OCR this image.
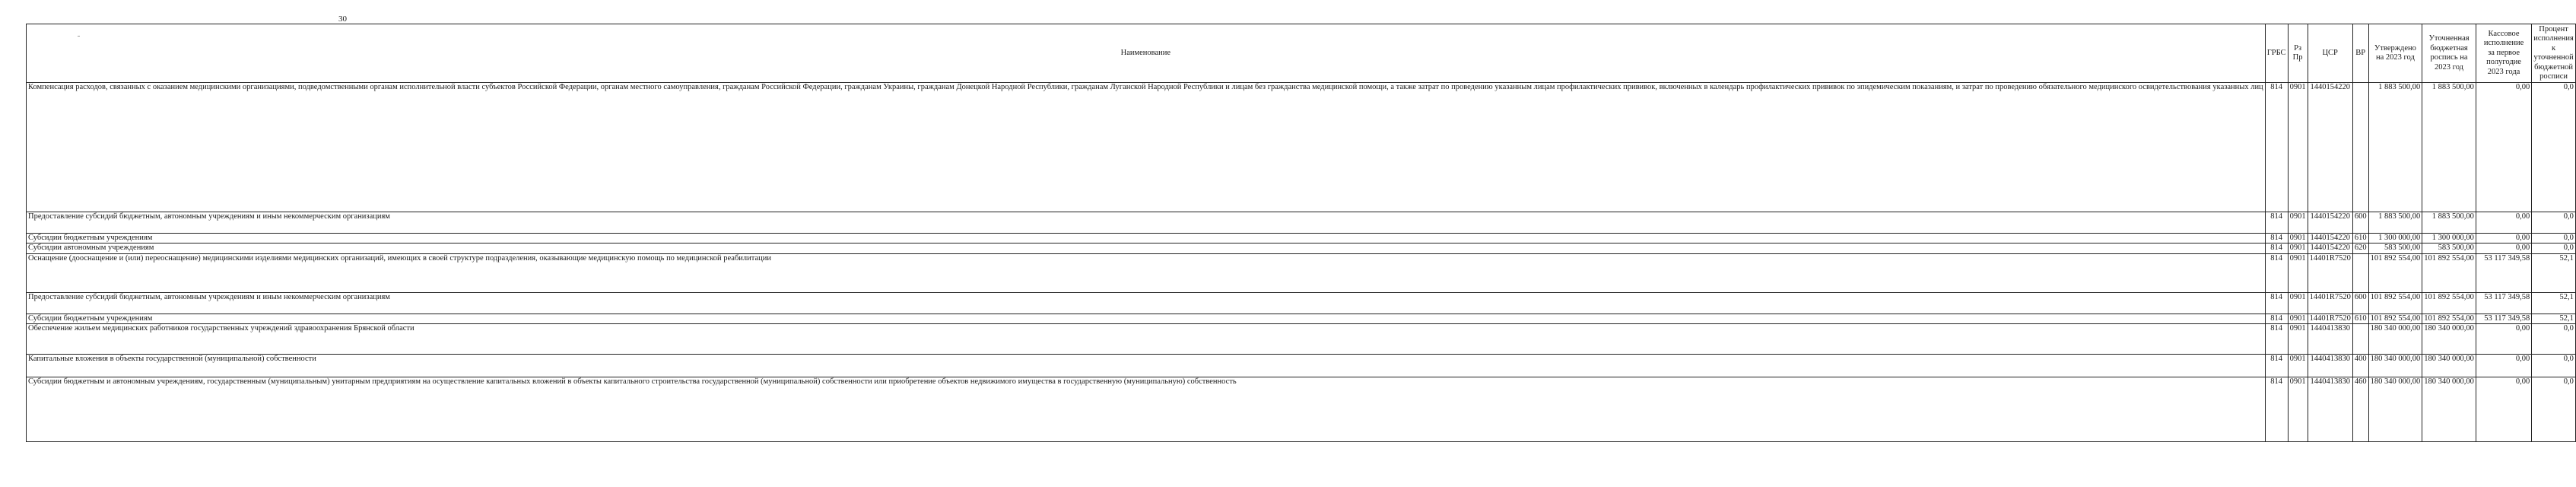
30
Наименование	ГРБС	Рз Пр	ЦСР	ВР	Утверждено на 2023 год	Уточненная бюджетная роспись на 2023 год	Кассовое исполнение за первое полугодие 2023 года	Процент исполнения к уточненной бюджетной росписи
Компенсация расходов, связанных с оказанием медицинскими организациями, подведомственными органам исполнительной власти субъектов Российской Федерации, органам местного самоуправления, гражданам Российской Федерации, гражданам Украины, гражданам Донецкой Народной Республики, гражданам Луганской Народной Республики и лицам без гражданства медицинской помощи, а также затрат по проведению указанным лицам профилактических прививок, включенных в календарь профилактических прививок по эпидемическим показаниям, и затрат по проведению обязательного медицинского освидетельствования указанных лиц	814	0901	1440154220		1 883 500,00	1 883 500,00	0,00	0,0
Предоставление субсидий бюджетным, автономным учреждениям и иным некоммерческим организациям	814	0901	1440154220	600	1 883 500,00	1 883 500,00	0,00	0,0
Субсидии бюджетным учреждениям	814	0901	1440154220	610	1 300 000,00	1 300 000,00	0,00	0,0
Субсидии автономным учреждениям	814	0901	1440154220	620	583 500,00	583 500,00	0,00	0,0
Оснащение (дооснащение и (или) переоснащение) медицинскими изделиями медицинских организаций, имеющих в своей структуре подразделения, оказывающие медицинскую помощь по медицинской реабилитации	814	0901	14401R7520		101 892 554,00	101 892 554,00	53 117 349,58	52,1
Предоставление субсидий бюджетным, автономным учреждениям и иным некоммерческим организациям	814	0901	14401R7520	600	101 892 554,00	101 892 554,00	53 117 349,58	52,1
Субсидии бюджетным учреждениям	814	0901	14401R7520	610	101 892 554,00	101 892 554,00	53 117 349,58	52,1
Обеспечение жильем медицинских работников государственных учреждений здравоохранения Брянской области	814	0901	1440413830		180 340 000,00	180 340 000,00	0,00	0,0
Капитальные вложения в объекты государственной (муниципальной) собственности	814	0901	1440413830	400	180 340 000,00	180 340 000,00	0,00	0,0
Субсидии бюджетным и автономным учреждениям, государственным (муниципальным) унитарным предприятиям на осуществление капитальных вложений в объекты капитального строительства государственной (муниципальной) собственности или приобретение объектов недвижимого имущества в государственную (муниципальную) собственность	814	0901	1440413830	460	180 340 000,00	180 340 000,00	0,00	0,0
